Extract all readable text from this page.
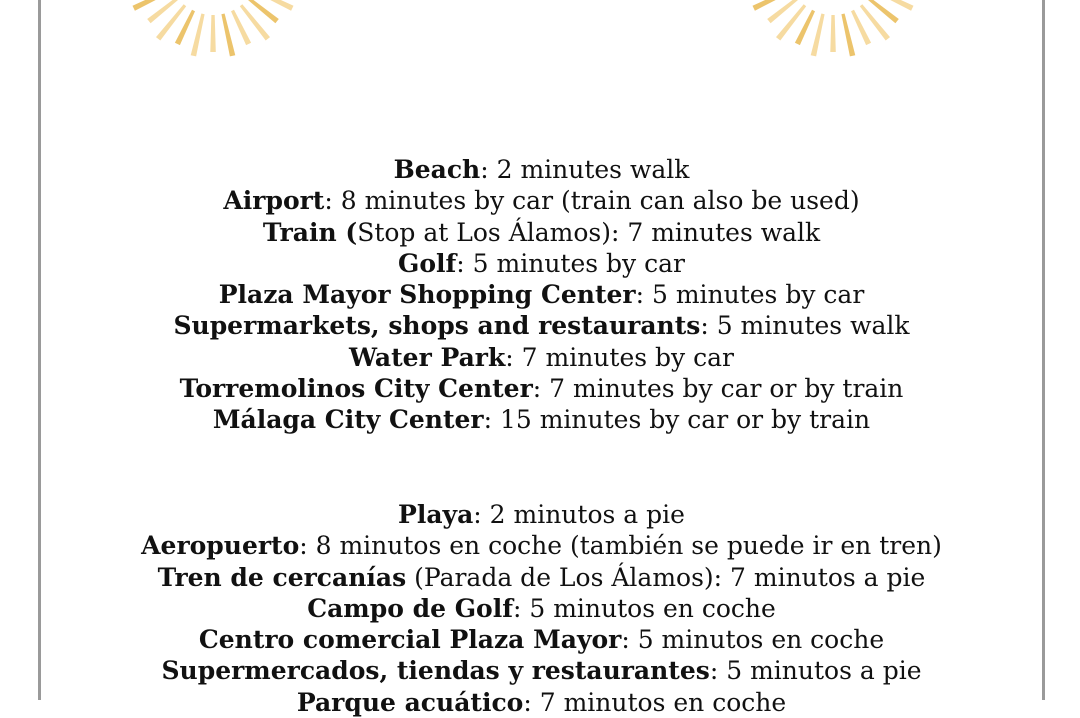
Beach: 2 minutes walk
Airport: 8 minutes by car (train can also be used)
Train (Stop at Los Álamos): 7 minutes walk
Golf: 5 minutes by car
Plaza Mayor Shopping Center: 5 minutes by car
Supermarkets, shops and restaurants: 5 minutes walk
Water Park: 7 minutes by car
Torremolinos City Center: 7 minutes by car or by train
Málaga City Center: 15 minutes by car or by train
Playa: 2 minutos a pie
Aeropuerto: 8 minutos en coche (también se puede ir en tren)
Tren de cercanías (Parada de Los Álamos): 7 minutos a pie
Campo de Golf: 5 minutos en coche
Centro comercial Plaza Mayor: 5 minutos en coche
Supermercados, tiendas y restaurantes: 5 minutos a pie
Parque acuático: 7 minutos en coche
